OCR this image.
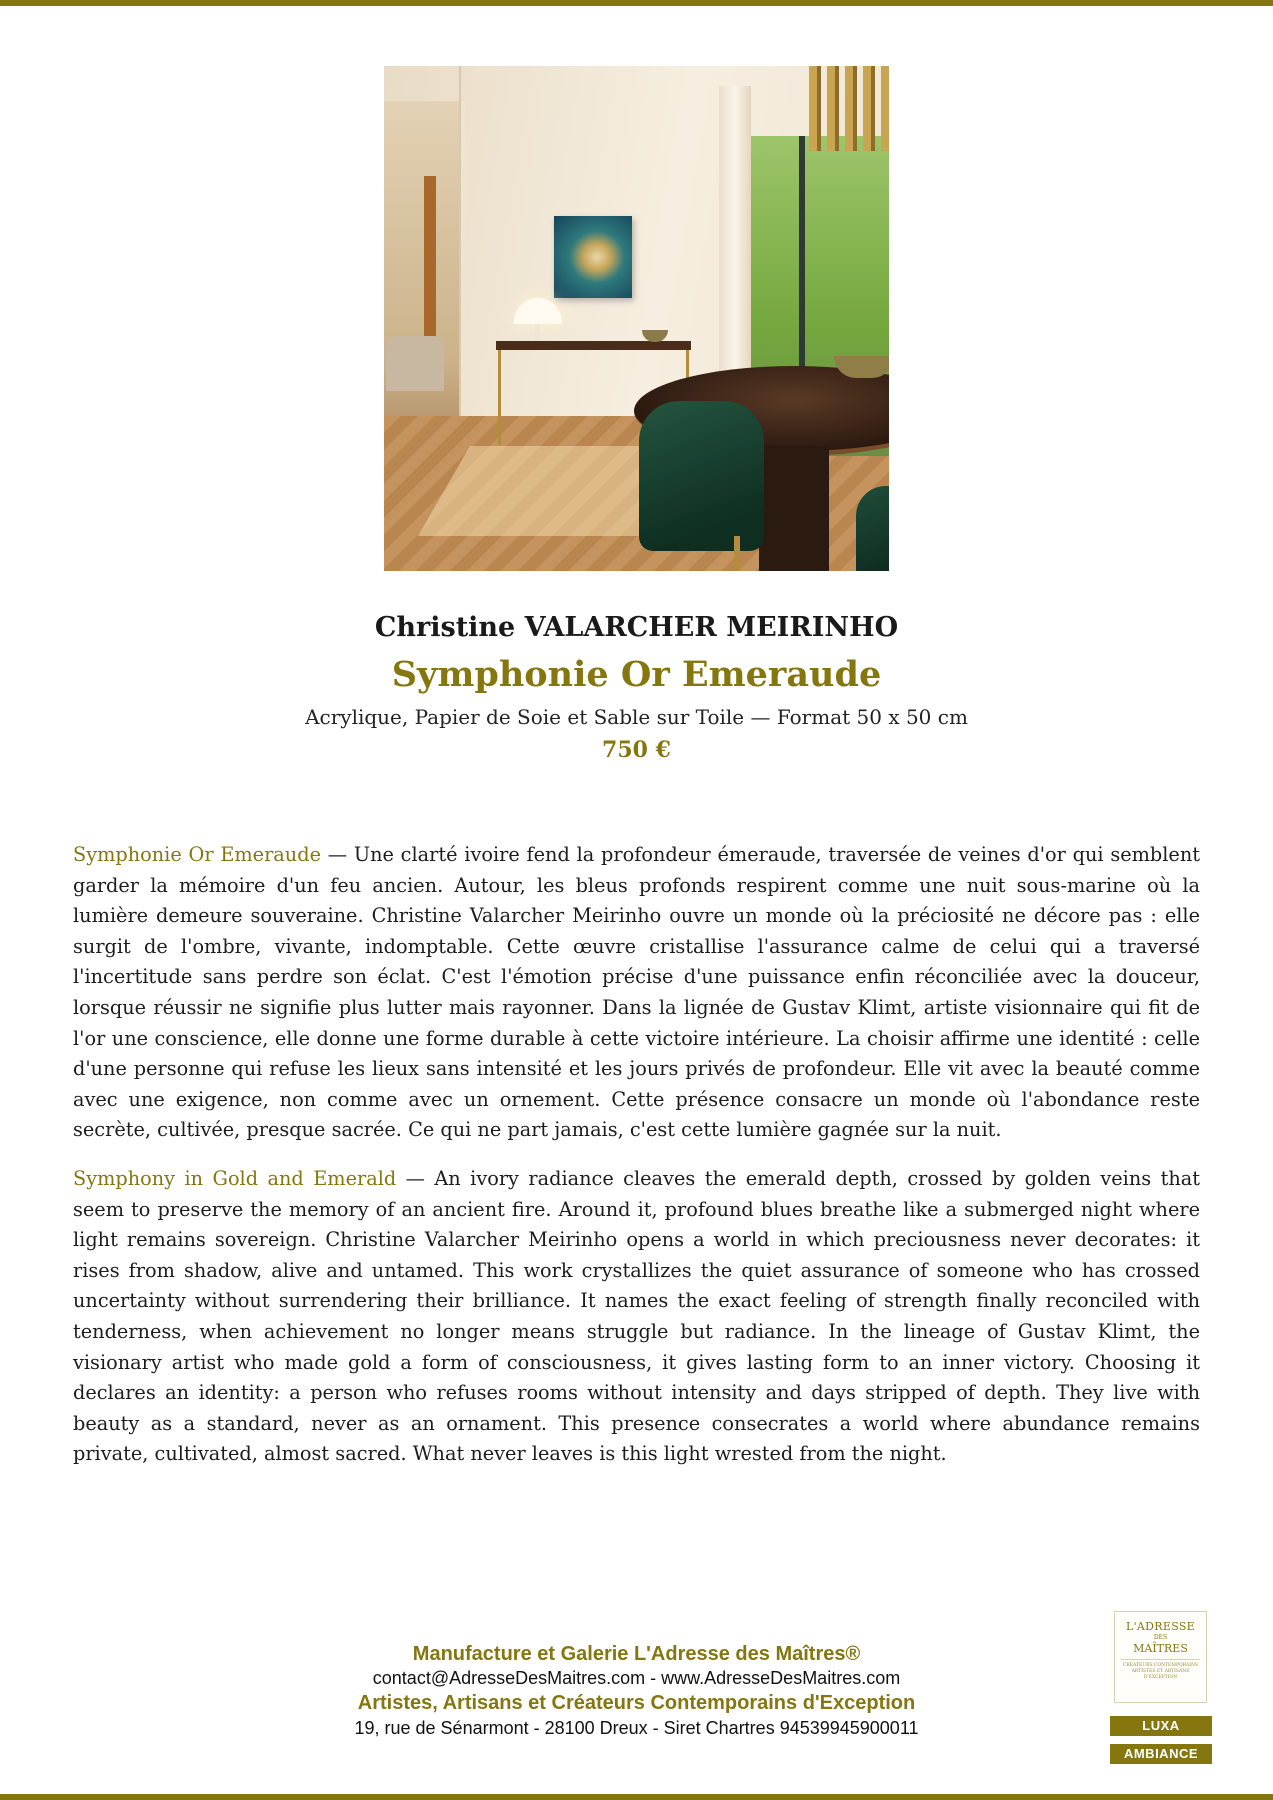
Christine VALARCHER MEIRINHO
Symphonie Or Emeraude
Acrylique, Papier de Soie et Sable sur Toile — Format 50 x 50 cm
750 €

Symphonie Or Emeraude — Une clarté ivoire fend la profondeur émeraude, traversée de veines d'or qui semblent garder la mémoire d'un feu ancien. Autour, les bleus profonds respirent comme une nuit sous-marine où la lumière demeure souveraine. Christine Valarcher Meirinho ouvre un monde où la préciosité ne décore pas : elle surgit de l'ombre, vivante, indomptable. Cette œuvre cristallise l'assurance calme de celui qui a traversé l'incertitude sans perdre son éclat. C'est l'émotion précise d'une puissance enfin réconciliée avec la douceur, lorsque réussir ne signifie plus lutter mais rayonner. Dans la lignée de Gustav Klimt, artiste visionnaire qui fit de l'or une conscience, elle donne une forme durable à cette victoire intérieure. La choisir affirme une identité : celle d'une personne qui refuse les lieux sans intensité et les jours privés de profondeur. Elle vit avec la beauté comme avec une exigence, non comme avec un ornement. Cette présence consacre un monde où l'abondance reste secrète, cultivée, presque sacrée. Ce qui ne part jamais, c'est cette lumière gagnée sur la nuit.

Symphony in Gold and Emerald — An ivory radiance cleaves the emerald depth, crossed by golden veins that seem to preserve the memory of an ancient fire. Around it, profound blues breathe like a submerged night where light remains sovereign. Christine Valarcher Meirinho opens a world in which preciousness never decorates: it rises from shadow, alive and untamed. This work crystallizes the quiet assurance of someone who has crossed uncertainty without surrendering their brilliance. It names the exact feeling of strength finally reconciled with tenderness, when achievement no longer means struggle but radiance. In the lineage of Gustav Klimt, the visionary artist who made gold a form of consciousness, it gives lasting form to an inner victory. Choosing it declares an identity: a person who refuses rooms without intensity and days stripped of depth. They live with beauty as a standard, never as an ornament. This presence consecrates a world where abundance remains private, cultivated, almost sacred. What never leaves is this light wrested from the night.

Manufacture et Galerie L'Adresse des Maîtres®
contact@AdresseDesMaitres.com - www.AdresseDesMaitres.com
Artistes, Artisans et Créateurs Contemporains d'Exception
19, rue de Sénarmont - 28100 Dreux - Siret Chartres 94539945900011
L'ADRESSE
DES
MAÎTRES
CRÉATEURS CONTEMPORAINS ARTISTES ET ARTISANS D'EXCEPTION
LUXA
AMBIANCE
